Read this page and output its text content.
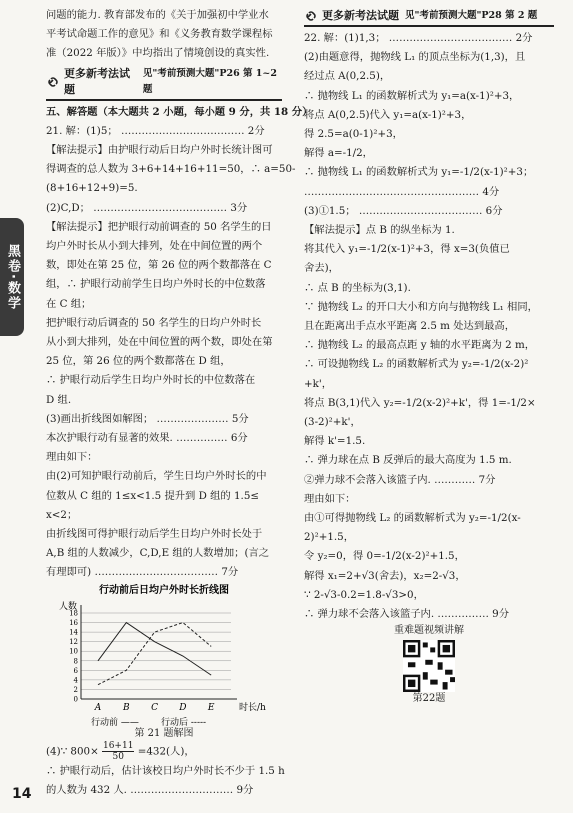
黑卷·数学
问题的能力. 教育部发布的《关于加强初中学业水
平考试命题工作的意见》和《义务教育数学课程标
准（2022 年版）》中均指出了情境创设的真实性.
更多新考法试题
见"考前预测大题"P26 第 1~2 题
五、解答题（本大题共 2 小题，每小题 9 分，共 18 分）
21. 解：(1)5； ……………………………… 2分
【解法提示】由护眼行动后日均户外时长统计图可
得调查的总人数为 3+6+14+16+11=50，∴ a=50-
(8+16+12+9)=5.
(2)C,D； ………………………………… 3分
【解法提示】把护眼行动前调查的 50 名学生的日
均户外时长从小到大排列，处在中间位置的两个
数，即处在第 25 位，第 26 位的两个数都落在 C
组，∴ 护眼行动前学生日均户外时长的中位数落
在 C 组；
把护眼行动后调查的 50 名学生的日均户外时长
从小到大排列，处在中间位置的两个数，即处在第
25 位，第 26 位的两个数都落在 D 组，
∴ 护眼行动后学生日均户外时长的中位数落在
D 组.
(3)画出折线图如解图； ………………… 5分
本次护眼行动有显著的效果. …………… 6分
理由如下：
由(2)可知护眼行动前后，学生日均户外时长的中
位数从 C 组的 1≤x<1.5 提升到 D 组的 1.5≤
x<2；
由折线图可得护眼行动后学生日均户外时长处于
A,B 组的人数减少，C,D,E 组的人数增加；(言之
有理即可) ……………………………… 7分
行动前后日均户外时长折线图
人数
0
2
4
6
8
10
12
14
16
18
A B C D E	时长/h
行动前 —— 行动后 -----
第 21 题解图
(4)∵ $800\times \frac{16+11}{50} =432$(人)，
∴ 护眼行动后，估计该校日均户外时长不少于 1.5 h
的人数为 432 人. ………………………… 9分
更多新考法试题 见"考前预测大题"P28 第 2 题
22. 解：(1)1,3； ……………………………… 2分
(2)由题意得，抛物线 L₁ 的顶点坐标为(1,3)，且
经过点 A(0,2.5)，
∴ 抛物线 L₁ 的函数解析式为 y₁=a(x-1)²+3，
将点 A(0,2.5)代入 y₁=a(x-1)²+3，
得 2.5=a(0-1)²+3，
解得 a=-1/2，
∴ 抛物线 L₁ 的函数解析式为 y₁=-1/2(x-1)²+3；
…………………………………………… 4分
(3)①1.5； ……………………………… 6分
【解法提示】点 B 的纵坐标为 1.
将其代入 y₁=-1/2(x-1)²+3，得 x=3(负值已
舍去)，
∴ 点 B 的坐标为(3,1).
∵ 抛物线 L₂ 的开口大小和方向与抛物线 L₁ 相同，
且在距离出手点水平距离 2.5 m 处达到最高，
∴ 抛物线 L₂ 的最高点距 y 轴的水平距离为 2 m，
∴ 可设抛物线 L₂ 的函数解析式为 y₂=-1/2(x-2)²
+k'，
将点 B(3,1)代入 y₂=-1/2(x-2)²+k'，得 1=-1/2×
(3-2)²+k'，
解得 k'=1.5.
∴ 弹力球在点 B 反弹后的最大高度为 1.5 m.
②弹力球不会落入该篮子内. ………… 7分
理由如下：
由①可得抛物线 L₂ 的函数解析式为 y₂=-1/2(x-
2)²+1.5，
令 y₂=0，得 0=-1/2(x-2)²+1.5，
解得 x₁=2+√3(舍去)，x₂=2-√3，
∵ 2-√3-0.2=1.8-√3>0，
∴ 弹力球不会落入该篮子内. …………… 9分
重难题视频讲解
第22题
14
